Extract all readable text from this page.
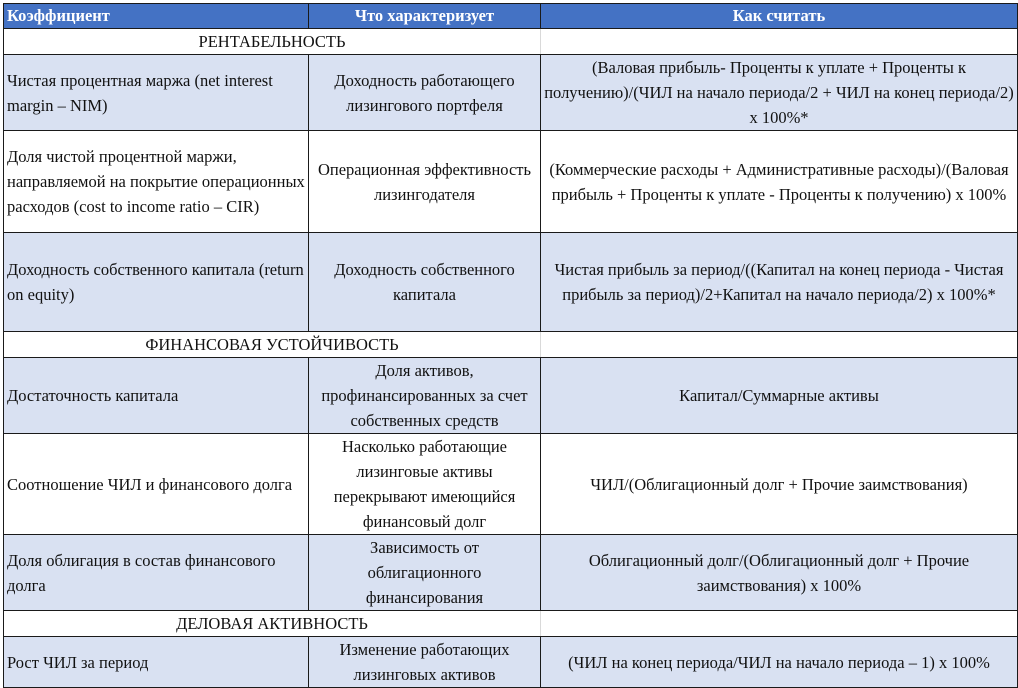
Коэффициент	Что характеризует	Как считать
РЕНТАБЕЛЬНОСТЬ		
Чистая процентная маржа (net interest margin – NIM)	Доходность работающего лизингового портфеля	(Валовая прибыль- Проценты к уплате + Проценты к получению)/(ЧИЛ на начало периода/2 + ЧИЛ на конец периода/2) х 100%*
Доля чистой процентной маржи, направляемой на покрытие операционных расходов (cost to income ratio – CIR)	Операционная эффективность лизингодателя	(Коммерческие расходы + Административные расходы)/(Валовая прибыль + Проценты к уплате - Проценты к получению) х 100%
Доходность собственного капитала (return on equity)	Доходность собственного капитала	Чистая прибыль за период/((Капитал на конец периода - Чистая прибыль за период)/2+Капитал на начало периода/2) х 100%*
ФИНАНСОВАЯ УСТОЙЧИВОСТЬ		
Достаточность капитала	Доля активов, профинансированных за счет собственных средств	Капитал/Суммарные активы
Соотношение ЧИЛ и финансового долга	Насколько работающие лизинговые активы перекрывают имеющийся финансовый долг	ЧИЛ/(Облигационный долг + Прочие заимствования)
Доля облигация в состав финансового долга	Зависимость от облигационного финансирования	Облигационный долг/(Облигационный долг + Прочие заимствования) х 100%
ДЕЛОВАЯ АКТИВНОСТЬ		
Рост ЧИЛ за период	Изменение работающих лизинговых активов	(ЧИЛ на конец периода/ЧИЛ на начало периода – 1) х 100%
